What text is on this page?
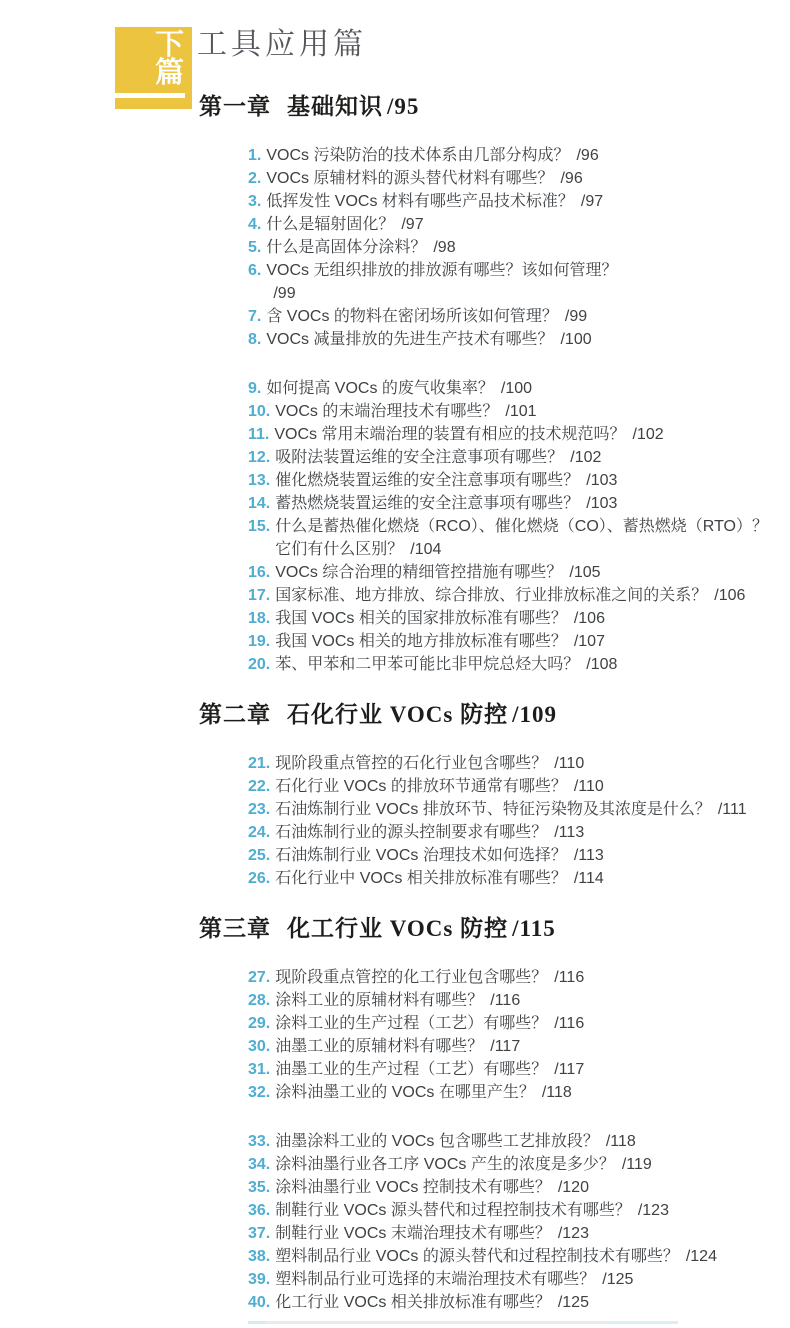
下
篇
工具应用篇
第一章 基础知识 /95
1. VOCs 污染防治的技术体系由几部分构成？ /96
2. VOCs 原辅材料的源头替代材料有哪些？ /96
3. 低挥发性 VOCs 材料有哪些产品技术标准？ /97
4. 什么是辐射固化？ /97
5. 什么是高固体分涂料？ /98
6. VOCs 无组织排放的排放源有哪些？该如何管理？
/99
7. 含 VOCs 的物料在密闭场所该如何管理？ /99
8. VOCs 减量排放的先进生产技术有哪些？ /100
9. 如何提高 VOCs 的废气收集率？ /100
10. VOCs 的末端治理技术有哪些？ /101
11. VOCs 常用末端治理的装置有相应的技术规范吗？ /102
12. 吸附法装置运维的安全注意事项有哪些？ /102
13. 催化燃烧装置运维的安全注意事项有哪些？ /103
14. 蓄热燃烧装置运维的安全注意事项有哪些？ /103
15. 什么是蓄热催化燃烧（RCO）、催化燃烧（CO）、蓄热燃烧（RTO）？
它们有什么区别？ /104
16. VOCs 综合治理的精细管控措施有哪些？ /105
17. 国家标准、地方排放、综合排放、行业排放标准之间的关系？ /106
18. 我国 VOCs 相关的国家排放标准有哪些？ /106
19. 我国 VOCs 相关的地方排放标准有哪些？ /107
20. 苯、甲苯和二甲苯可能比非甲烷总烃大吗？ /108
第二章 石化行业 VOCs 防控 /109
21. 现阶段重点管控的石化行业包含哪些？ /110
22. 石化行业 VOCs 的排放环节通常有哪些？ /110
23. 石油炼制行业 VOCs 排放环节、特征污染物及其浓度是什么？ /111
24. 石油炼制行业的源头控制要求有哪些？ /113
25. 石油炼制行业 VOCs 治理技术如何选择？ /113
26. 石化行业中 VOCs 相关排放标准有哪些？ /114
第三章 化工行业 VOCs 防控 /115
27. 现阶段重点管控的化工行业包含哪些？ /116
28. 涂料工业的原辅材料有哪些？ /116
29. 涂料工业的生产过程（工艺）有哪些？ /116
30. 油墨工业的原辅材料有哪些？ /117
31. 油墨工业的生产过程（工艺）有哪些？ /117
32. 涂料油墨工业的 VOCs 在哪里产生？ /118
33. 油墨涂料工业的 VOCs 包含哪些工艺排放段？ /118
34. 涂料油墨行业各工序 VOCs 产生的浓度是多少？ /119
35. 涂料油墨行业 VOCs 控制技术有哪些？ /120
36. 制鞋行业 VOCs 源头替代和过程控制技术有哪些？ /123
37. 制鞋行业 VOCs 末端治理技术有哪些？ /123
38. 塑料制品行业 VOCs 的源头替代和过程控制技术有哪些？ /124
39. 塑料制品行业可选择的末端治理技术有哪些？ /125
40. 化工行业 VOCs 相关排放标准有哪些？ /125
